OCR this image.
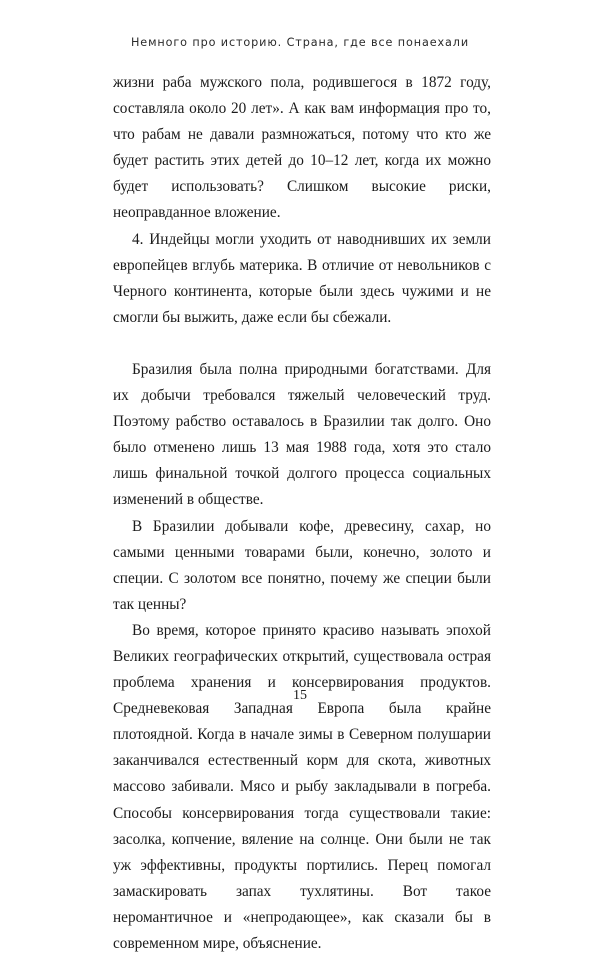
Немного про историю. Страна, где все понаехали

жизни раба мужского пола, родившегося в 1872 году, составляла около 20 лет». А как вам информация про то, что рабам не давали размножаться, потому что кто же будет растить этих детей до 10–12 лет, когда их можно будет использовать? Слишком высокие риски, неоправданное вложение.

4. Индейцы могли уходить от наводнивших их земли европейцев вглубь материка. В отличие от невольников с Черного континента, которые были здесь чужими и не смогли бы выжить, даже если бы сбежали.

Бразилия была полна природными богатствами. Для их добычи требовался тяжелый человеческий труд. Поэтому рабство оставалось в Бразилии так долго. Оно было отменено лишь 13 мая 1988 года, хотя это стало лишь финальной точкой долгого процесса социальных изменений в обществе.

В Бразилии добывали кофе, древесину, сахар, но самыми ценными товарами были, конечно, золото и специи. С золотом все понятно, почему же специи были так ценны?

Во время, которое принято красиво называть эпохой Великих географических открытий, существовала острая проблема хранения и консервирования продуктов. Средневековая Западная Европа была крайне плотоядной. Когда в начале зимы в Северном полушарии заканчивался естественный корм для скота, животных массово забивали. Мясо и рыбу закладывали в погреба. Способы консервирования тогда существовали такие: засолка, копчение, вяление на солнце. Они были не так уж эффективны, продукты портились. Перец помогал замаскировать запах тухлятины. Вот такое неромантичное и «непродающее», как сказали бы в современном мире, объяснение.

15
